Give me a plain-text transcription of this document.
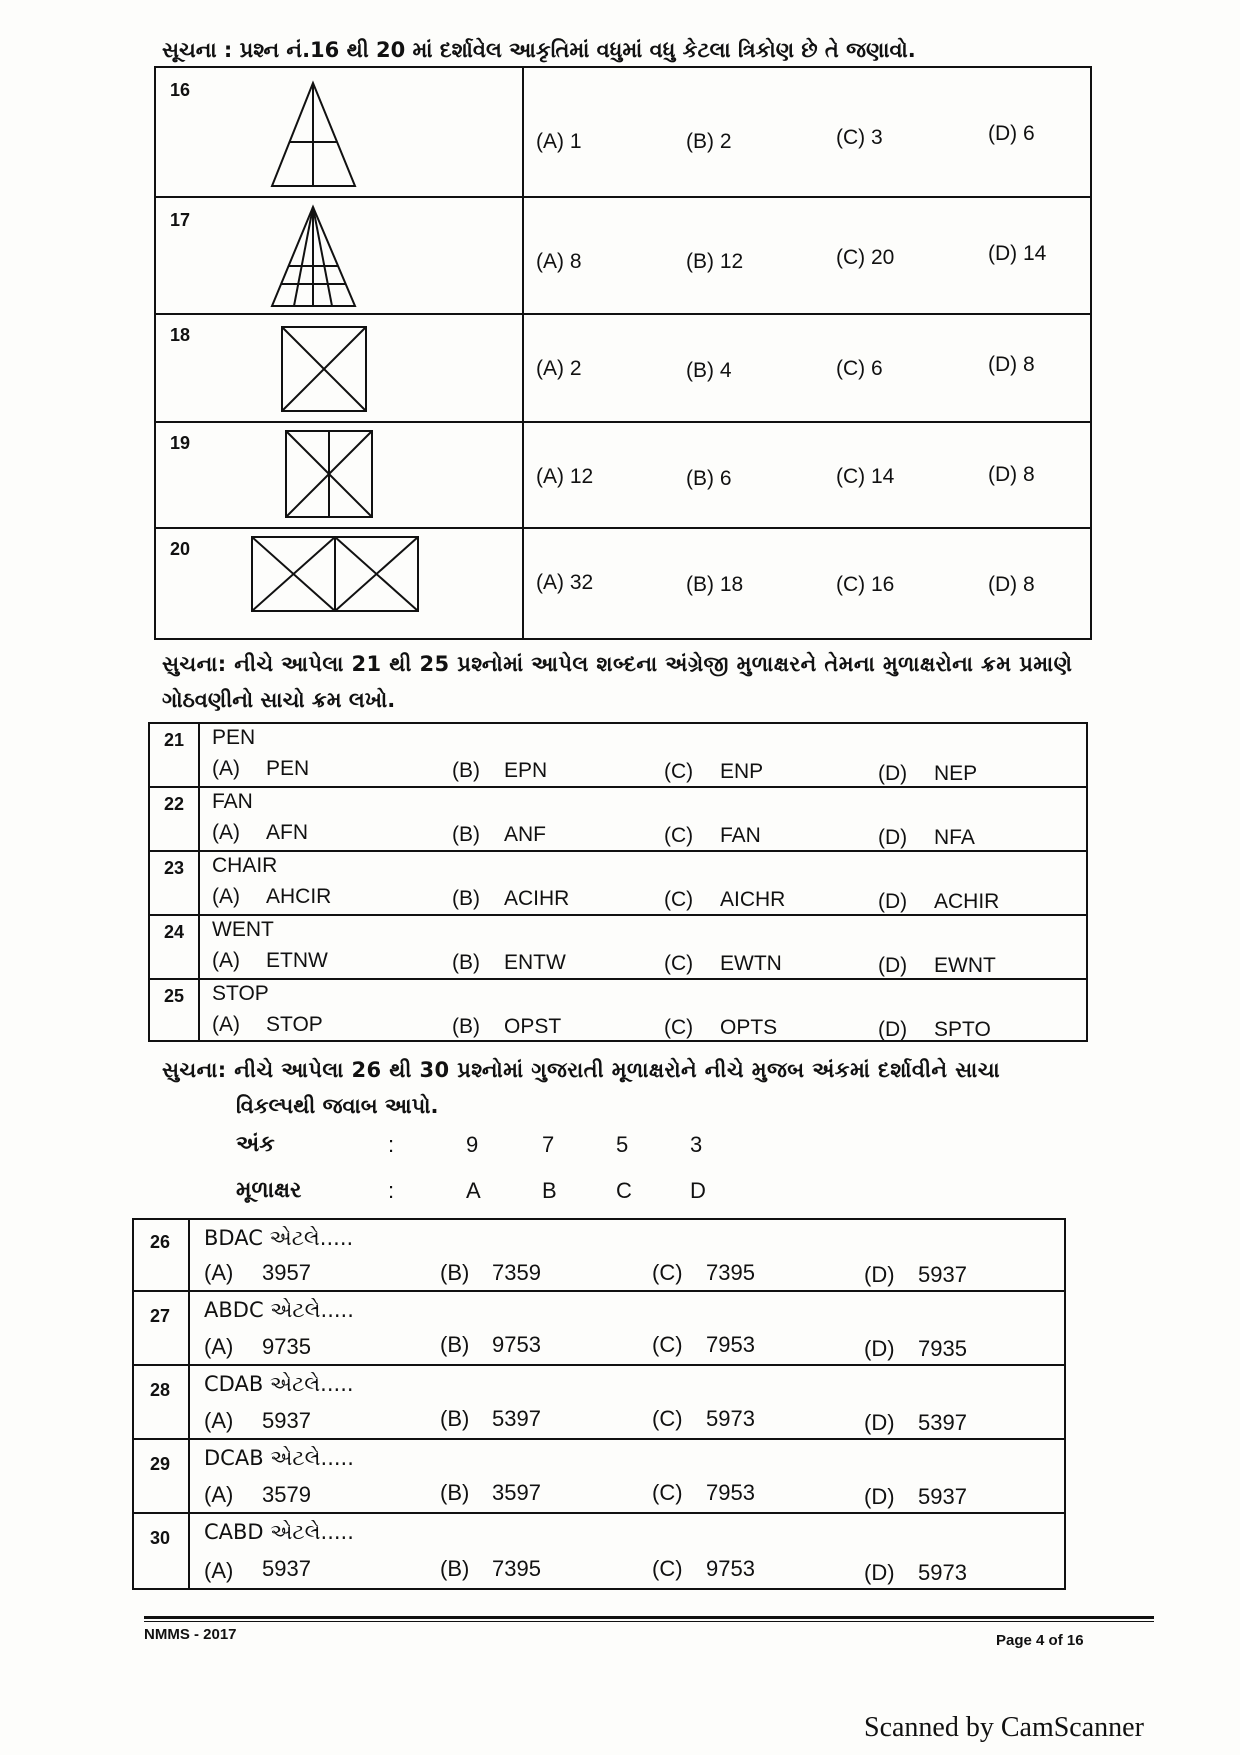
સૂચના : પ્રશ્ન નં.16 થી 20 માં દર્શાવેલ આકૃતિમાં વધુમાં વધુ કેટલા ત્રિકોણ છે તે જણાવો.
16
(A) 1	(B) 2	(C) 3	(D) 6
17
(A) 8	(B) 12	(C) 20	(D) 14
18
(A) 2	(B) 4	(C) 6	(D) 8
19
(A) 12	(B) 6	(C) 14	(D) 8
20
(A) 32	(B) 18	(C) 16	(D) 8
સુચના: નીચે આપેલા 21 થી 25 પ્રશ્નોમાં આપેલ શબ્દના અંગ્રેજી મુળાક્ષરને તેમના મુળાક્ષરોના ક્રમ પ્રમાણે
ગોઠવણીનો સાચો ક્રમ લખો.
21 PEN
(A) PEN	(B) EPN	(C) ENP	(D) NEP
22 FAN
(A) AFN	(B) ANF	(C) FAN	(D) NFA
23 CHAIR
(A) AHCIR	(B) ACIHR	(C) AICHR	(D) ACHIR
24 WENT
(A) ETNW	(B) ENTW	(C) EWTN	(D) EWNT
25 STOP
(A) STOP	(B) OPST	(C) OPTS	(D) SPTO
સુચના: નીચે આપેલા 26 થી 30 પ્રશ્નોમાં ગુજરાતી મૂળાક્ષરોને નીચે મુજબ અંકમાં દર્શાવીને સાચા
વિકલ્પથી જવાબ આપો.
અંક	:	9	7	5	3
મૂળાક્ષર	:	A	B	C	D
26 BDAC એટલે.....
(A) 3957	(B) 7359	(C) 7395	(D) 5937
27 ABDC એટલે.....
(A) 9735	(B) 9753	(C) 7953	(D) 7935
28 CDAB એટલે.....
(A) 5937	(B) 5397	(C) 5973	(D) 5397
29 DCAB એટલે.....
(A) 3579	(B) 3597	(C) 7953	(D) 5937
30 CABD એટલે.....
(A) 5937	(B) 7395	(C) 9753	(D) 5973
NMMS - 2017	Page 4 of 16
Scanned by CamScanner
